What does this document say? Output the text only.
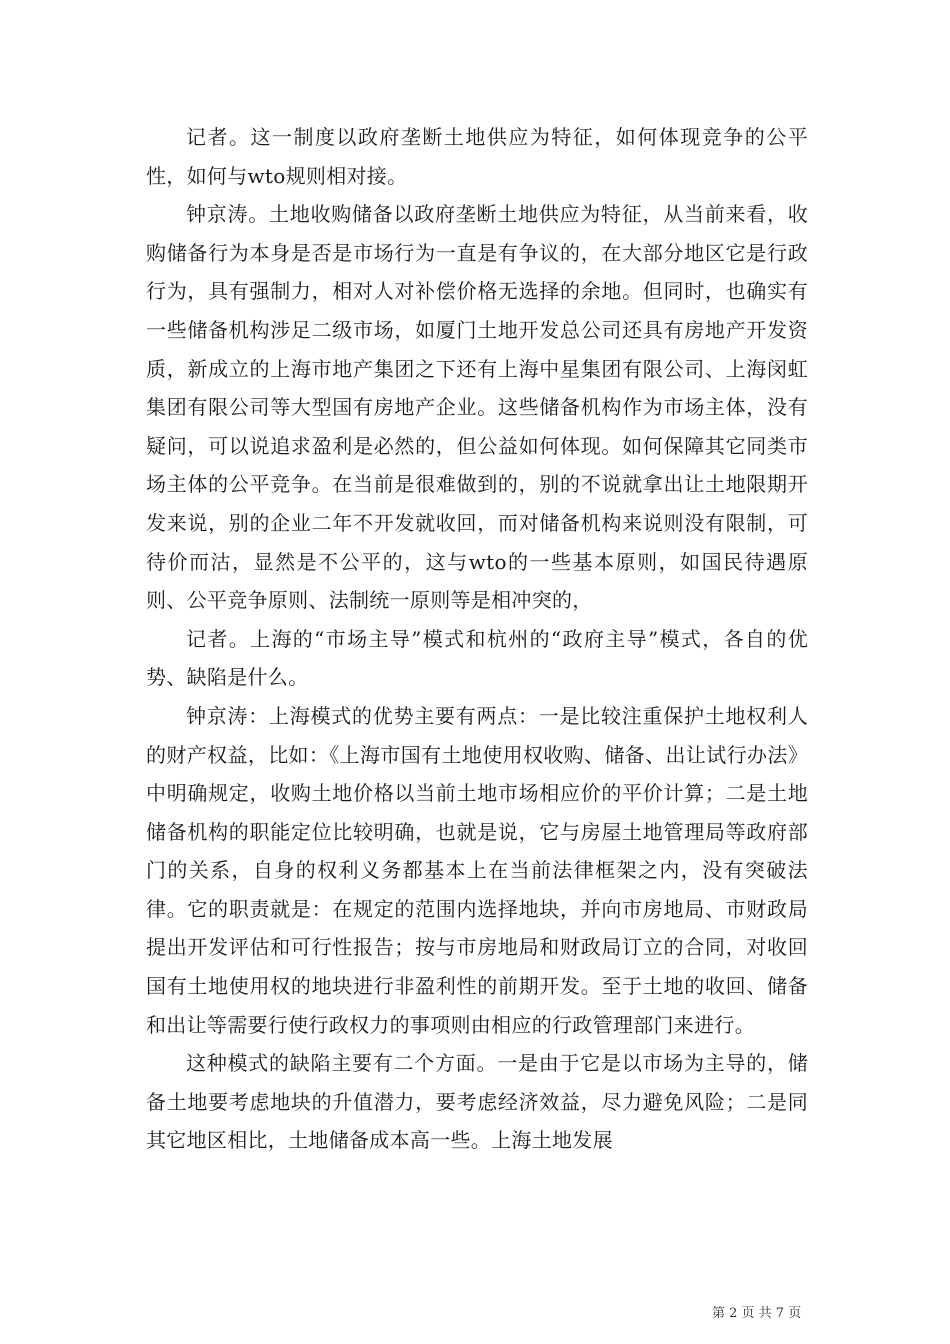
记者。这一制度以政府垄断土地供应为特征，如何体现竞争的公平性，如何与wto规则相对接。

钟京涛。土地收购储备以政府垄断土地供应为特征，从当前来看，收购储备行为本身是否是市场行为一直是有争议的，在大部分地区它是行政行为，具有强制力，相对人对补偿价格无选择的余地。但同时，也确实有一些储备机构涉足二级市场，如厦门土地开发总公司还具有房地产开发资质，新成立的上海市地产集团之下还有上海中星集团有限公司、上海闵虹集团有限公司等大型国有房地产企业。这些储备机构作为市场主体，没有疑问，可以说追求盈利是必然的，但公益如何体现。如何保障其它同类市场主体的公平竞争。在当前是很难做到的，别的不说就拿出让土地限期开发来说，别的企业二年不开发就收回，而对储备机构来说则没有限制，可待价而沽，显然是不公平的，这与wto的一些基本原则，如国民待遇原则、公平竞争原则、法制统一原则等是相冲突的，

记者。上海的“市场主导”模式和杭州的“政府主导”模式，各自的优势、缺陷是什么。

钟京涛：上海模式的优势主要有两点：一是比较注重保护土地权利人的财产权益，比如：《上海市国有土地使用权收购、储备、出让试行办法》中明确规定，收购土地价格以当前土地市场相应价的平价计算；二是土地储备机构的职能定位比较明确，也就是说，它与房屋土地管理局等政府部门的关系，自身的权利义务都基本上在当前法律框架之内，没有突破法律。它的职责就是：在规定的范围内选择地块，并向市房地局、市财政局提出开发评估和可行性报告；按与市房地局和财政局订立的合同，对收回国有土地使用权的地块进行非盈利性的前期开发。至于土地的收回、储备和出让等需要行使行政权力的事项则由相应的行政管理部门来进行。

这种模式的缺陷主要有二个方面。一是由于它是以市场为主导的，储备土地要考虑地块的升值潜力，要考虑经济效益，尽力避免风险；二是同其它地区相比，土地储备成本高一些。上海土地发展

第 2 页 共 7 页
